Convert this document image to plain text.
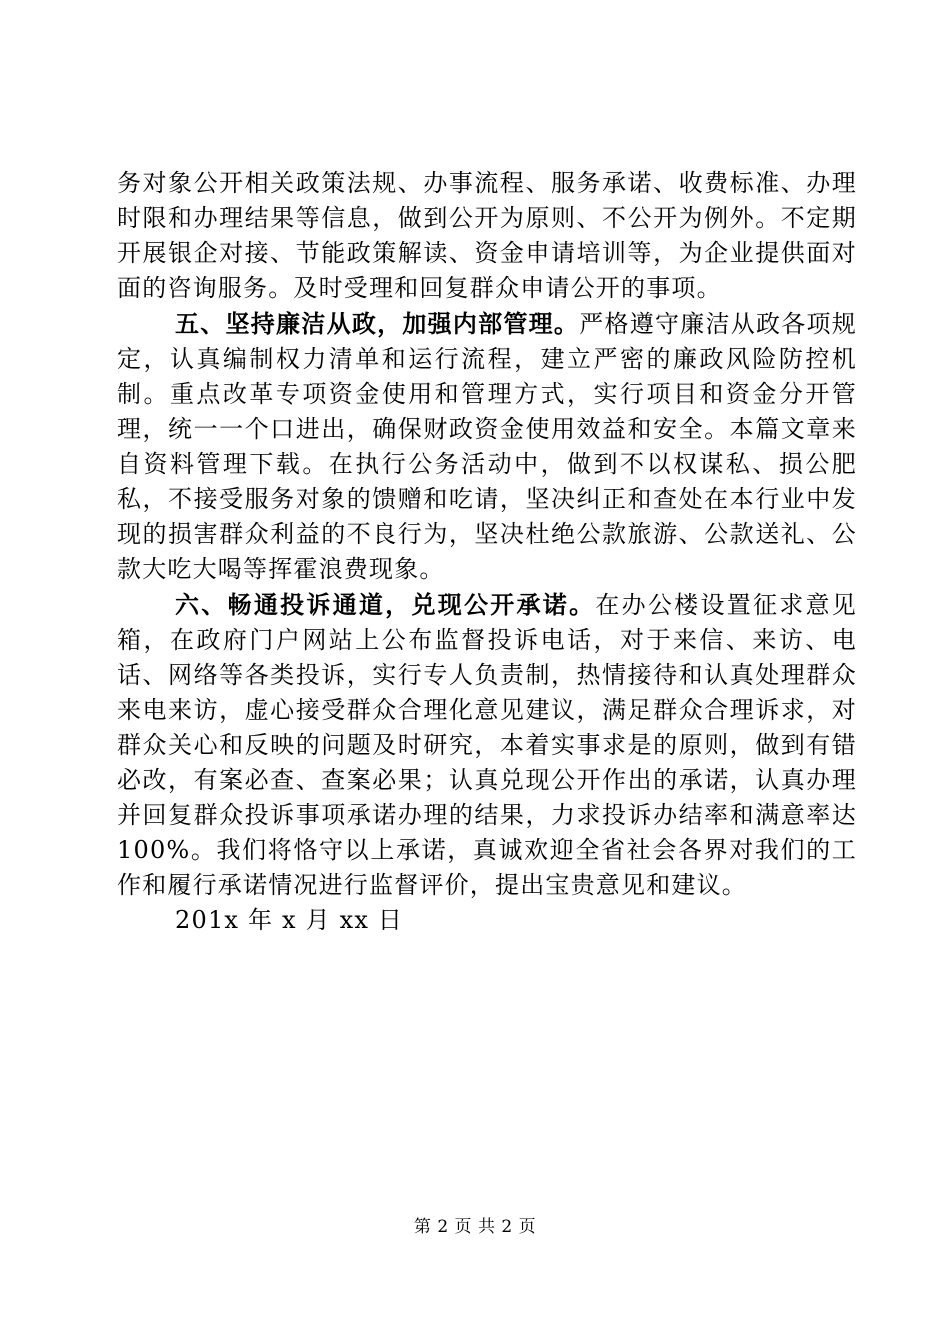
务对象公开相关政策法规、办事流程、服务承诺、收费标准、办理时限和办理结果等信息，做到公开为原则、不公开为例外。不定期开展银企对接、节能政策解读、资金申请培训等，为企业提供面对面的咨询服务。及时受理和回复群众申请公开的事项。

五、坚持廉洁从政，加强内部管理。严格遵守廉洁从政各项规定，认真编制权力清单和运行流程，建立严密的廉政风险防控机制。重点改革专项资金使用和管理方式，实行项目和资金分开管理，统一一个口进出，确保财政资金使用效益和安全。本篇文章来自资料管理下载。在执行公务活动中，做到不以权谋私、损公肥私，不接受服务对象的馈赠和吃请，坚决纠正和查处在本行业中发现的损害群众利益的不良行为，坚决杜绝公款旅游、公款送礼、公款大吃大喝等挥霍浪费现象。

六、畅通投诉通道，兑现公开承诺。在办公楼设置征求意见箱，在政府门户网站上公布监督投诉电话，对于来信、来访、电话、网络等各类投诉，实行专人负责制，热情接待和认真处理群众来电来访，虚心接受群众合理化意见建议，满足群众合理诉求，对群众关心和反映的问题及时研究，本着实事求是的原则，做到有错必改，有案必查、查案必果；认真兑现公开作出的承诺，认真办理并回复群众投诉事项承诺办理的结果，力求投诉办结率和满意率达100%。我们将恪守以上承诺，真诚欢迎全省社会各界对我们的工作和履行承诺情况进行监督评价，提出宝贵意见和建议。

201x 年 x 月 xx 日

第 2 页 共 2 页
